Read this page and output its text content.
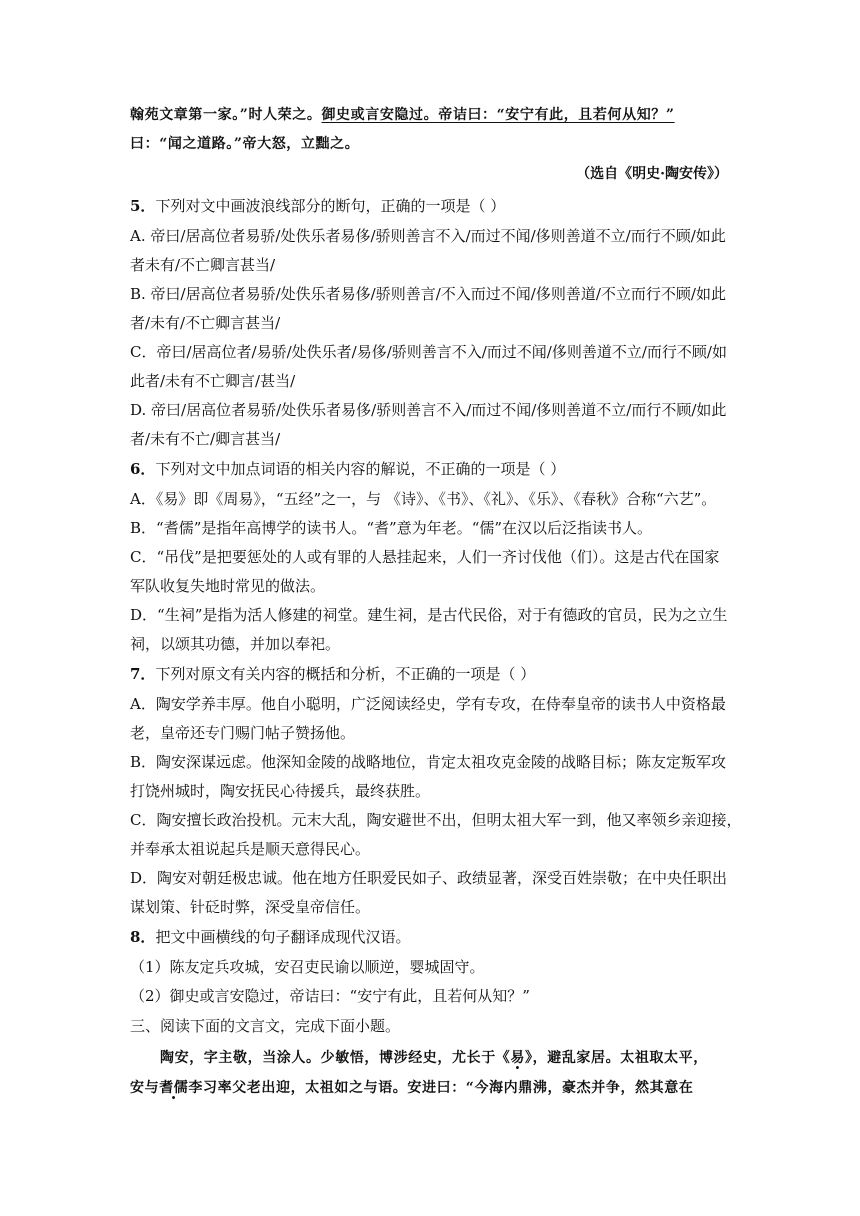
翰苑文章第一家。”时人荣之。御史或言安隐过。帝诘曰：“安宁有此，且若何从知？”
曰：“闻之道路。”帝大怒，立黜之。
（选自《明史·陶安传》）
5．下列对文中画波浪线部分的断句，正确的一项是（ ）
A. 帝曰/居高位者易骄/处佚乐者易侈/骄则善言不入/而过不闻/侈则善道不立/而行不顾/如此
者未有/不亡卿言甚当/
B. 帝曰/居高位者易骄/处佚乐者易侈/骄则善言/不入而过不闻/侈则善道/不立而行不顾/如此
者/未有/不亡卿言甚当/
C．帝曰/居高位者/易骄/处佚乐者/易侈/骄则善言不入/而过不闻/侈则善道不立/而行不顾/如
此者/未有不亡卿言/甚当/
D. 帝曰/居高位者易骄/处佚乐者易侈/骄则善言不入/而过不闻/侈则善道不立/而行不顾/如此
者/未有不亡/卿言甚当/
6．下列对文中加点词语的相关内容的解说，不正确的一项是（ ）
A．《易》即《周易》，“五经”之一，与 《诗》、《书》、《礼》、《乐》、《春秋》合称“六艺”。
B．“耆儒”是指年高博学的读书人。“耆”意为年老。“儒”在汉以后泛指读书人。
C．“吊伐”是把要惩处的人或有罪的人悬挂起来，人们一齐讨伐他（们）。这是古代在国家
军队收复失地时常见的做法。
D．“生祠”是指为活人修建的祠堂。建生祠，是古代民俗，对于有德政的官员，民为之立生
祠，以颂其功德，并加以奉祀。
7．下列对原文有关内容的概括和分析，不正确的一项是（ ）
A．陶安学养丰厚。他自小聪明，广泛阅读经史，学有专攻，在侍奉皇帝的读书人中资格最
老，皇帝还专门赐门帖子赞扬他。
B．陶安深谋远虑。他深知金陵的战略地位，肯定太祖攻克金陵的战略目标；陈友定叛军攻
打饶州城时，陶安抚民心待援兵，最终获胜。
C．陶安擅长政治投机。元末大乱，陶安避世不出，但明太祖大军一到，他又率领乡亲迎接，
并奉承太祖说起兵是顺天意得民心。
D．陶安对朝廷极忠诚。他在地方任职爱民如子、政绩显著，深受百姓崇敬；在中央任职出
谋划策、针砭时弊，深受皇帝信任。
8．把文中画横线的句子翻译成现代汉语。
（1）陈友定兵攻城，安召吏民谕以顺逆，婴城固守。
（2）御史或言安隐过，帝诘曰：“安宁有此，且若何从知？”
三、阅读下面的文言文，完成下面小题。
陶安，字主敬，当涂人。少敏悟，博涉经史，尤长于《易》，避乱家居。太祖取太平，
安与耆儒李习率父老出迎，太祖如之与语。安进曰：“今海内鼎沸，豪杰并争，然其意在
